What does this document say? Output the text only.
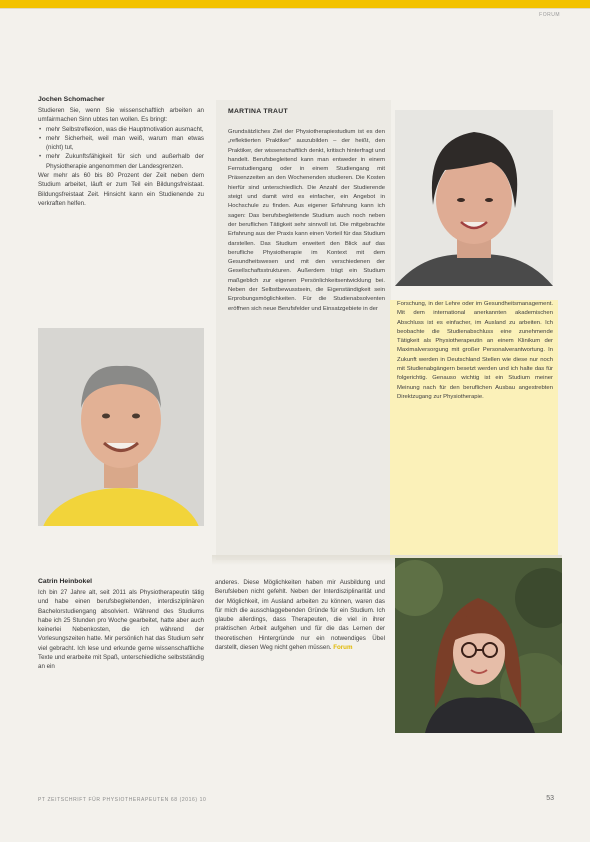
FORUM
Jochen Schomacher

Studieren Sie, wenn Sie wissenschaftlich arbeiten an umfairmachen Sinn ubtes ten wollen. Es bringt:

• mehr Selbstreflexion, was die Hauptmotivation ausmacht,
• mehr Sicherheit, weil man weiß, warum man etwas (nicht) tut,
• mehr Zukunftsfähigkeit für sich und außerhalb der Physiotherapie angenommen der Landesgrenzen.

Wer mehr als 60 bis 80 Prozent der Zeit neben dem Studium arbeitet, läuft er zum Teil ein Bildungsfreistaat. Bildungsfreistaat Zeit. Hinsicht kann ein Studienende zu verkraften helfen.

MARTINA TRAUT
Grundsätzliches Ziel der Physiotherapiestudium ist es den „reflektierten Praktiker" auszubilden – der heißt, den Praktiker, der wissenschaftlich denkt, kritisch hinterfragt und handelt. Berufsbegleitend kann man entweder in einem Fernstudiengang oder in einem Studiengang mit Präsenzzeiten an den Wochenenden studieren. Die Kosten hierfür sind unterschiedlich. Die Anzahl der Studierende steigt und damit wird es einfacher, ein Angebot in Hochschule zu finden. Aus eigener Erfahrung kann ich sagen: Das berufsbegleitende Studium auch noch neben der beruflichen Tätigkeit sehr sinnvoll ist. Die mitgebrachte Erfahrung aus der Praxis kann einen Vorteil für das Studium darstellen. Das Studium erweitert den Blick auf das berufliche Physiotherapie im Kontext mit dem Gesundheitswesen und mit den verschiedenen der Gesellschaftsstrukturen. Außerdem trägt ein Studium maßgeblich zur eigenen Persönlichkeitsentwicklung bei. Neben der Selbstbewusstsein, die Eigenständigkeit sein Erprobungsmöglichkeiten. Für die Studienabsolventen eröffnen sich neue Berufsfelder und Einsatzgebiete in der
Forschung, in der Lehre oder im Gesundheitsmanagement. Mit dem international anerkannten akademischen Abschluss ist es einfacher, im Ausland zu arbeiten. Ich beobachte die Studienabschluss eine zunehmende Tätigkeit als Physiotherapeutin an einem Klinikum der Maximalversorgung mit großer Personalverantwortung. In Zukunft werden in Deutschland Stellen wie diese nur noch mit Studienabgängern besetzt werden und ich halte das für folgerichtig. Genauso wichtig ist ein Studium meiner Meinung nach für den beruflichen Ausbau angestrebten Direktzugang zur Physiotherapie.
Catrin Heinbokel
Ich bin 27 Jahre alt, seit 2011 als Physiotherapeutin tätig und habe einen berufsbegleitenden, interdisziplinären Bachelorstudiengang absolviert. Während des Studiums habe ich 25 Stunden pro Woche gearbeitet, hatte aber auch keinerlei Nebenkosten, die ich während der Vorlesungszeiten hatte. Mir persönlich hat das Studium sehr viel gebracht. Ich lese und erkunde gerne wissenschaftliche Texte und erarbeite mit Spaß, unterschiedliche selbstständig an ein
anderes. Diese Möglichkeiten haben mir Ausbildung und Berufsleben nicht gefehlt. Neben der Interdisziplinarität und der Möglichkeit, im Ausland arbeiten zu können, waren das für mich die ausschlaggebenden Gründe für ein Studium. Ich glaube allerdings, dass Therapeuten, die viel in ihrer praktischen Arbeit aufgehen und für die das Lernen der theoretischen Hintergründe nur ein notwendiges Übel darstellt, diesen Weg nicht gehen müssen. Forum
PT ZEITSCHRIFT FÜR PHYSIOTHERAPEUTEN 68 (2016) 10	53
